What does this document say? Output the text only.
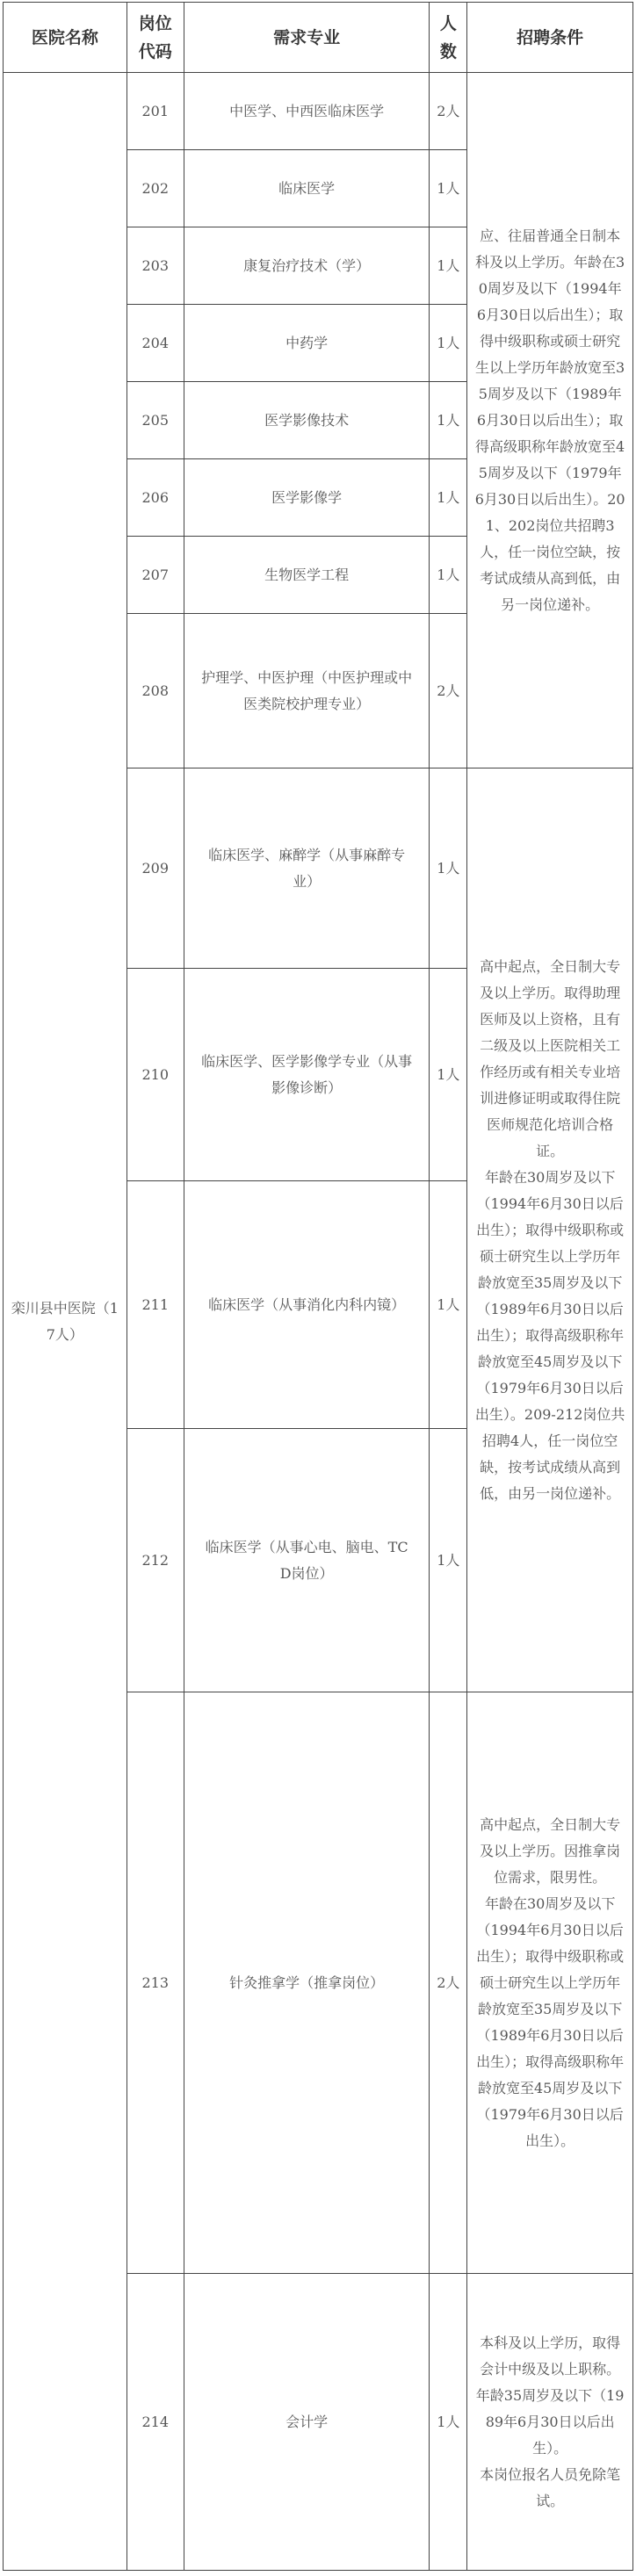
医院名称	岗位代码	需求专业	人数	招聘条件
栾川县中医院（17人）	201	中医学、中西医临床医学	2人	应、往届普通全日制本科及以上学历。年龄在30周岁及以下（1994年6月30日以后出生）；取得中级职称或硕士研究生以上学历年龄放宽至35周岁及以下（1989年6月30日以后出生）；取得高级职称年龄放宽至45周岁及以下（1979年6月30日以后出生）。201、202岗位共招聘3人，任一岗位空缺，按考试成绩从高到低，由另一岗位递补。

	202	临床医学	1人	
	203	康复治疗技术（学）	1人	
	204	中药学	1人	
	205	医学影像技术	1人	
	206	医学影像学	1人	
	207	生物医学工程	1人	
	208	护理学、中医护理（中医护理或中医类院校护理专业）	2人	
	209	临床医学、麻醉学（从事麻醉专业）	1人	高中起点，全日制大专及以上学历。取得助理医师及以上资格，且有二级及以上医院相关工作经历或有相关专业培训进修证明或取得住院医师规范化培训合格证。

年龄在30周岁及以下（1994年6月30日以后出生）；取得中级职称或硕士研究生以上学历年龄放宽至35周岁及以下（1989年6月30日以后出生）；取得高级职称年龄放宽至45周岁及以下（1979年6月30日以后出生）。209-212岗位共招聘4人，任一岗位空缺，按考试成绩从高到低，由另一岗位递补。

	210	临床医学、医学影像学专业（从事影像诊断）	1人	
	211	临床医学（从事消化内科内镜）	1人	
	212	临床医学（从事心电、脑电、TCD岗位）	1人	
	213	针灸推拿学（推拿岗位）	2人	高中起点，全日制大专及以上学历。因推拿岗位需求，限男性。

年龄在30周岁及以下（1994年6月30日以后出生）；取得中级职称或硕士研究生以上学历年龄放宽至35周岁及以下（1989年6月30日以后出生）；取得高级职称年龄放宽至45周岁及以下（1979年6月30日以后出生）。

	214	会计学	1人	本科及以上学历，取得会计中级及以上职称。

年龄35周岁及以下（1989年6月30日以后出生）。

本岗位报名人员免除笔试。
